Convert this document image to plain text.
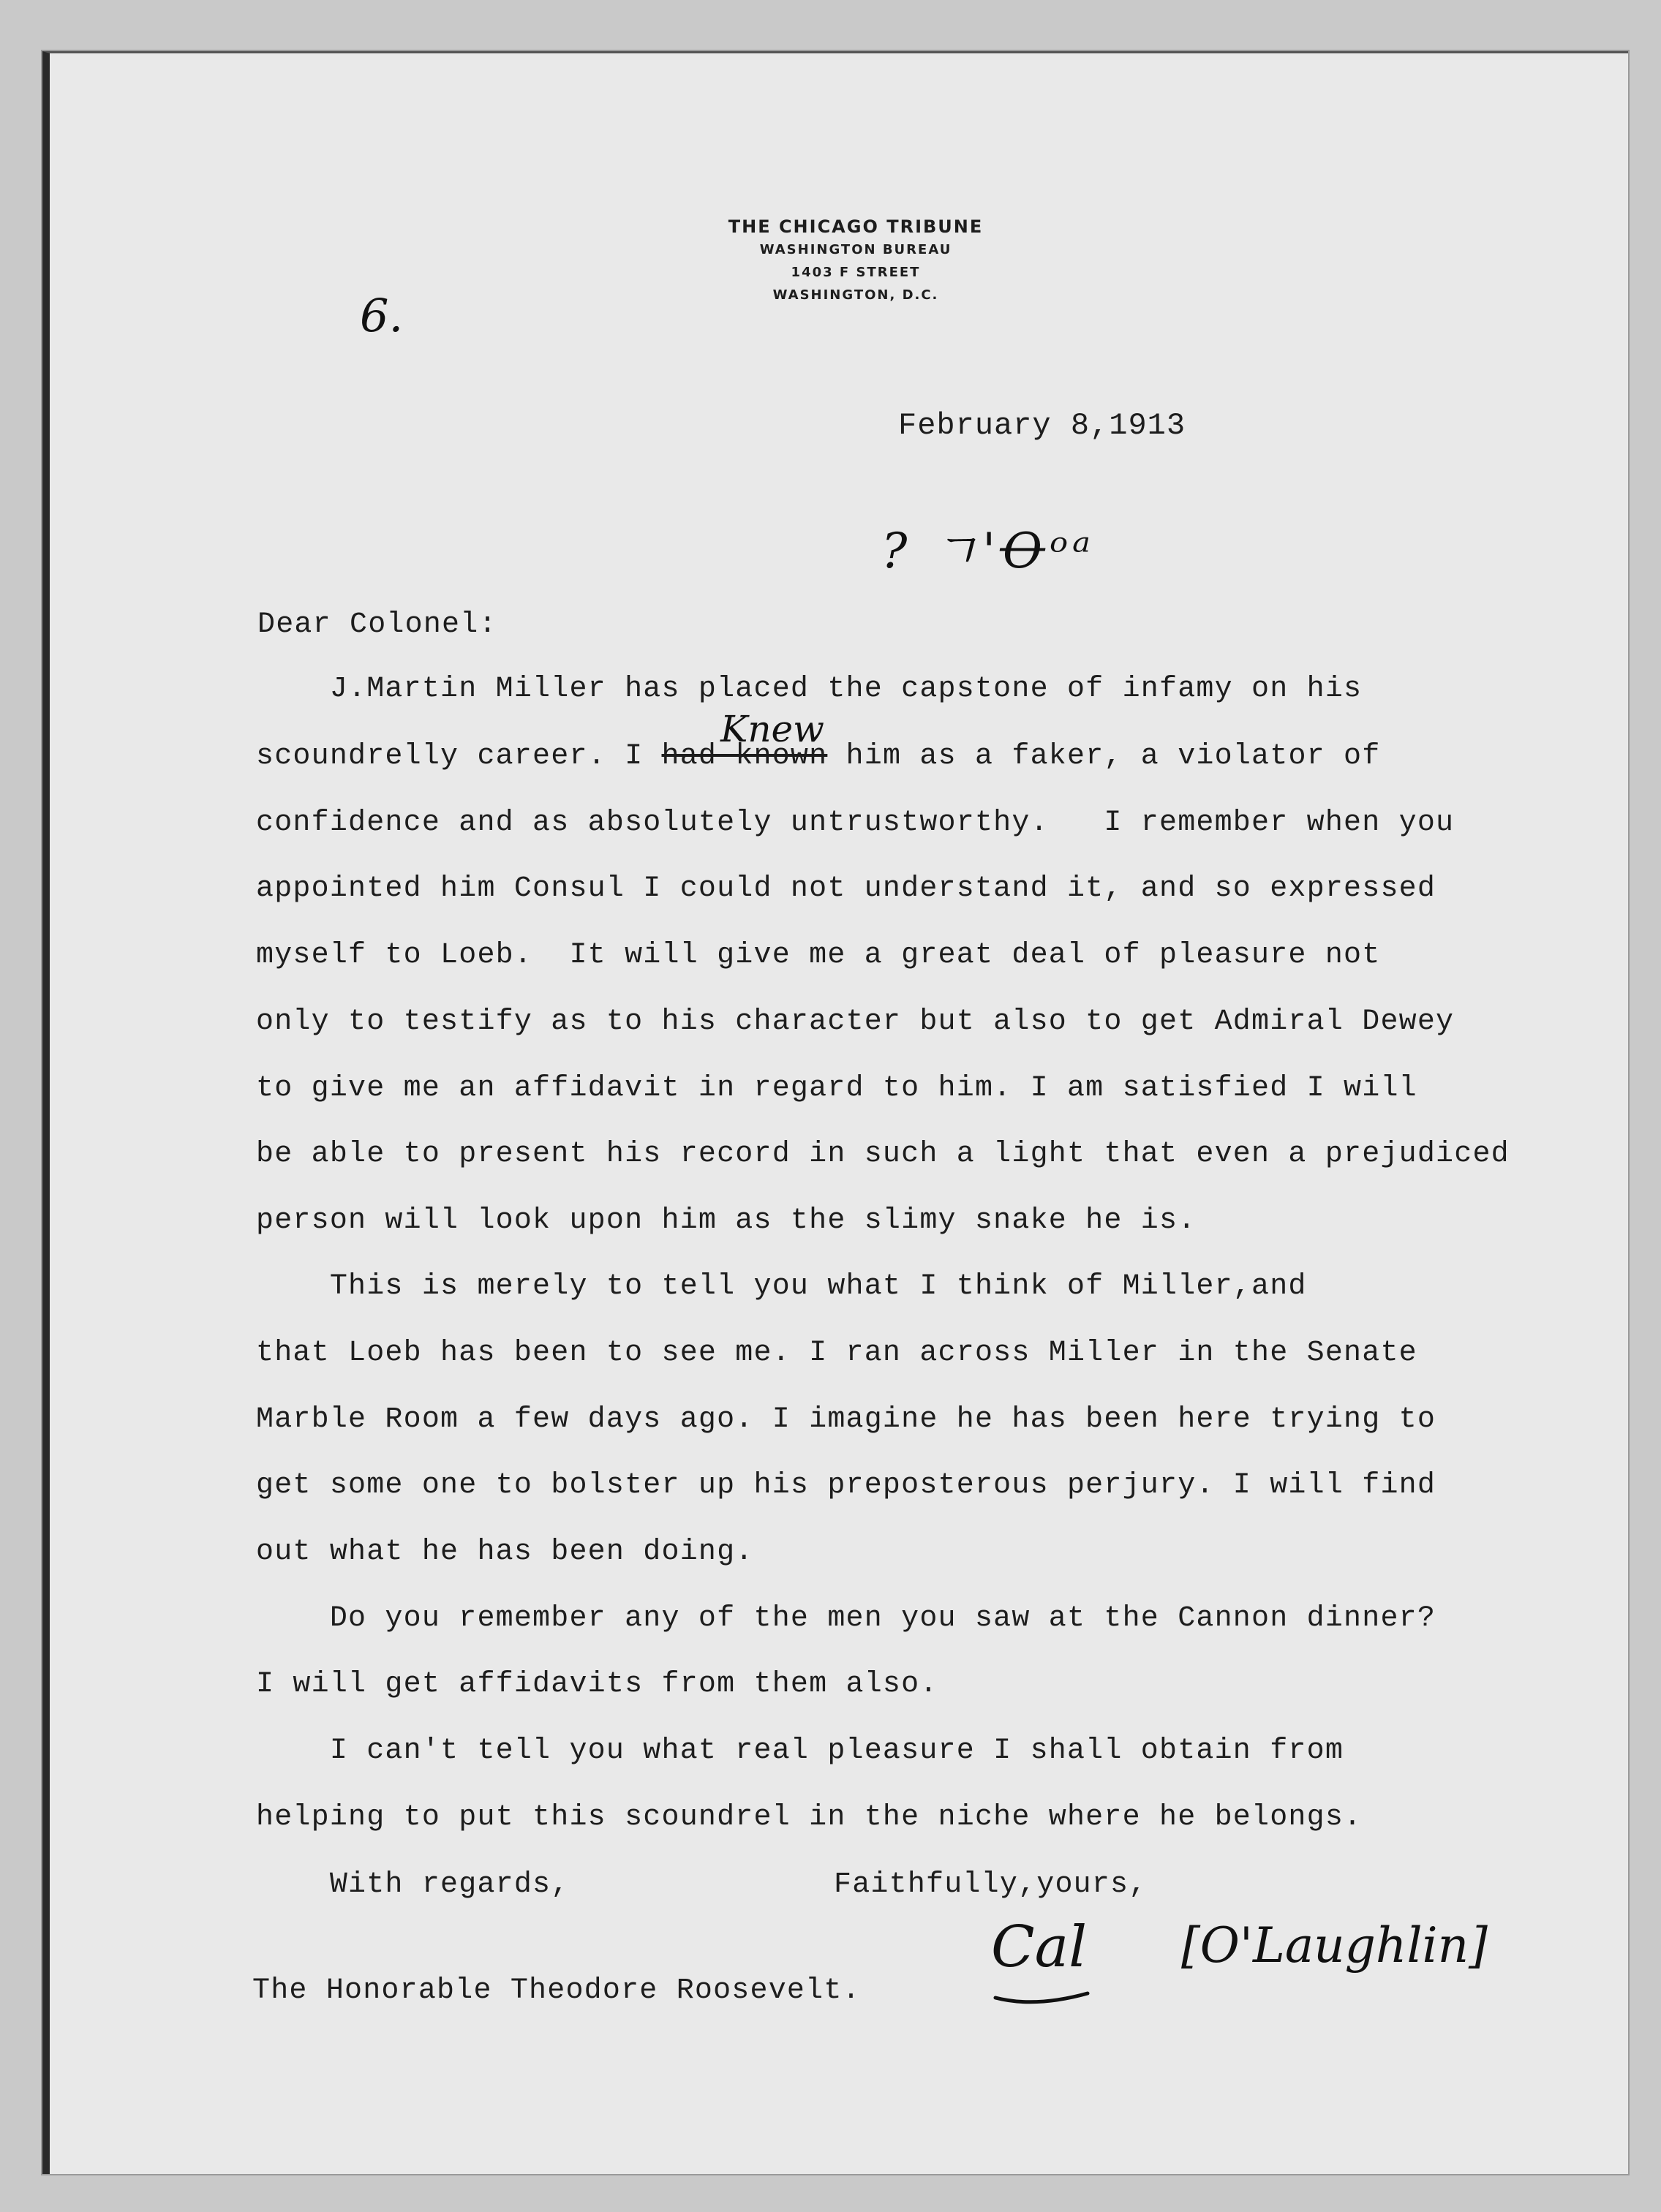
6.
THE CHICAGO TRIBUNE
WASHINGTON BUREAU
1403 F STREET
WASHINGTON, D.C.
February 8,1913
? ㄱ'Ꝋᵒᵃ
Dear Colonel:
J.Martin Miller has placed the capstone of infamy on his
Knew
scoundrelly career. I had known him as a faker, a violator of
confidence and as absolutely untrustworthy.   I remember when you
appointed him Consul I could not understand it, and so expressed
myself to Loeb.  It will give me a great deal of pleasure not
only to testify as to his character but also to get Admiral Dewey
to give me an affidavit in regard to him. I am satisfied I will
be able to present his record in such a light that even a prejudiced
person will look upon him as the slimy snake he is.
This is merely to tell you what I think of Miller,and
that Loeb has been to see me. I ran across Miller in the Senate
Marble Room a few days ago. I imagine he has been here trying to
get some one to bolster up his preposterous perjury. I will find
out what he has been doing.
Do you remember any of the men you saw at the Cannon dinner?
I will get affidavits from them also.
I can't tell you what real pleasure I shall obtain from
helping to put this scoundrel in the niche where he belongs.
With regards,	Faithfully,yours,
Cal [O'Laughlin]
The Honorable Theodore Roosevelt.
